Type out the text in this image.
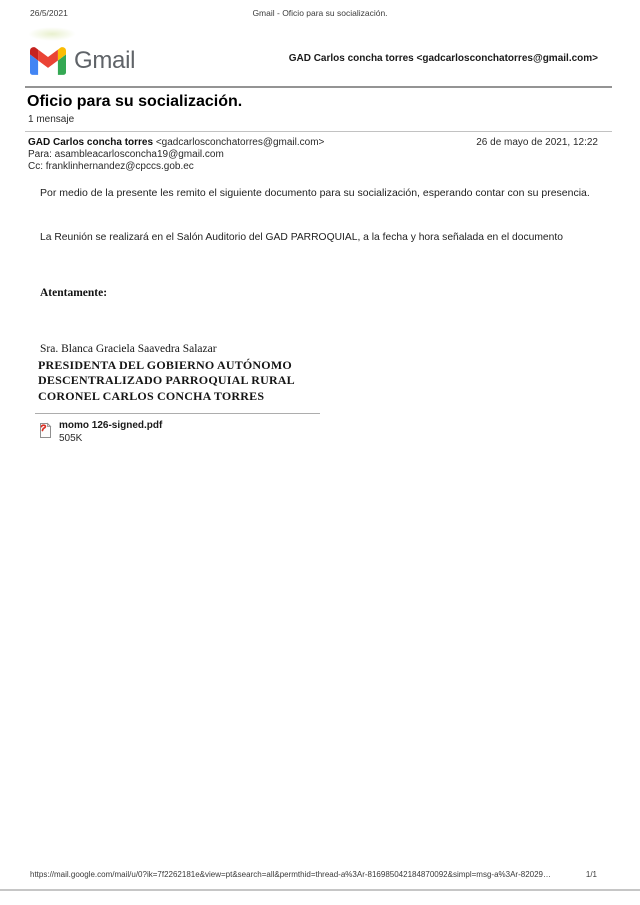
26/5/2021	Gmail - Oficio para su socialización.
Gmail	GAD Carlos concha torres <gadcarlosconchatorres@gmail.com>
Oficio para su socialización.
1 mensaje
GAD Carlos concha torres <gadcarlosconchatorres@gmail.com>	26 de mayo de 2021, 12:22
Para: asambleacarlosconcha19@gmail.com
Cc: franklinhernandez@cpccs.gob.ec
Por medio de la presente les remito el siguiente documento para su socialización, esperando contar con su presencia.
La Reunión se realizará en el Salón Auditorio del GAD PARROQUIAL, a la fecha y hora señalada en el documento
Atentamente:
Sra. Blanca Graciela Saavedra Salazar
PRESIDENTA DEL GOBIERNO AUTÓNOMO
DESCENTRALIZADO PARROQUIAL RURAL
CORONEL CARLOS CONCHA TORRES
momo 126-signed.pdf
505K
https://mail.google.com/mail/u/0?ik=7f2262181e&view=pt&search=all&permthid=thread-a%3Ar-816985042184870092&simpl=msg-a%3Ar-82029…	1/1
